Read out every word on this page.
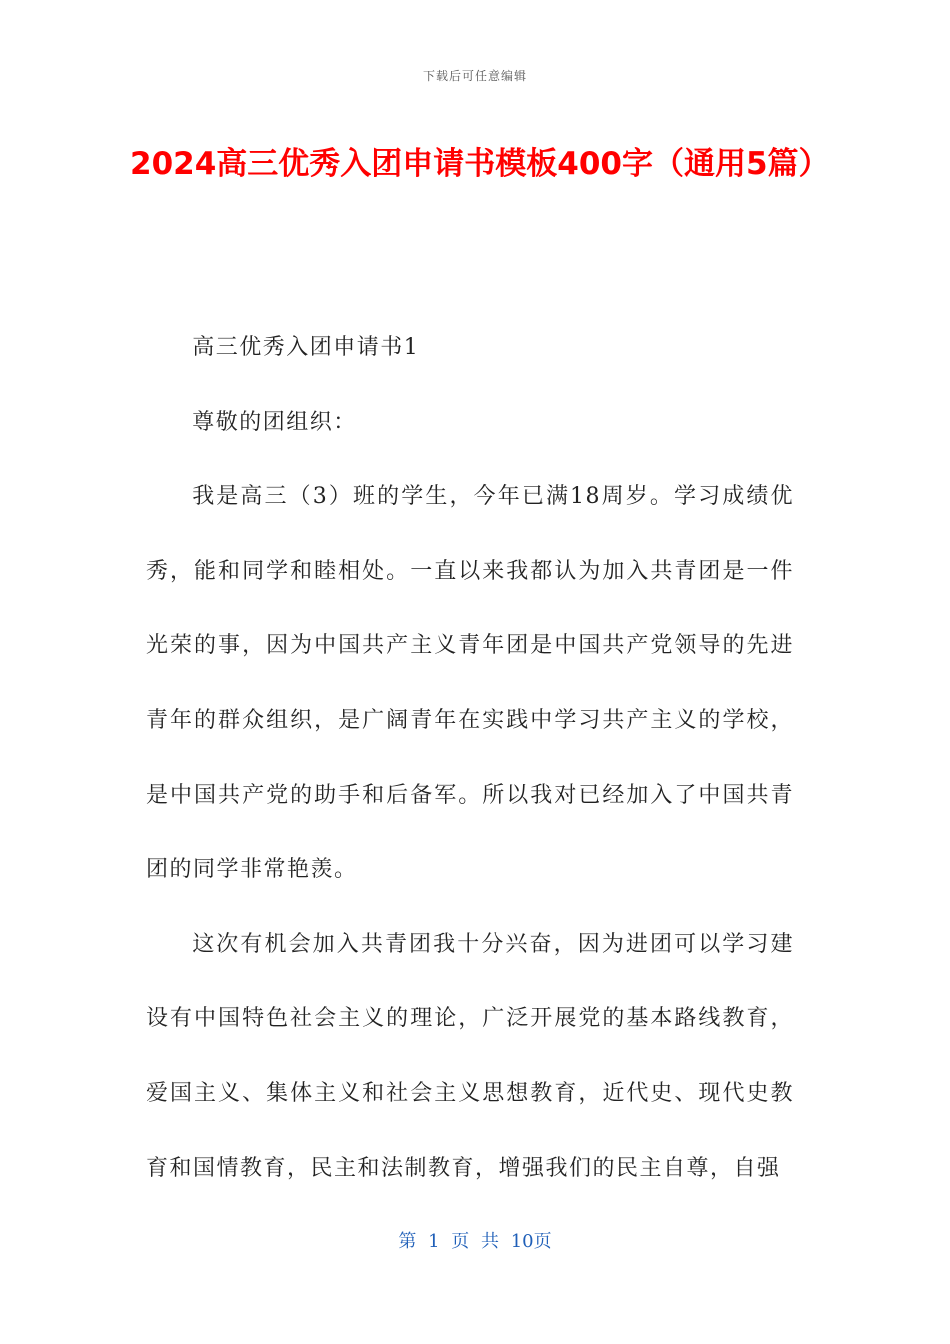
下载后可任意编辑
2024高三优秀入团申请书模板400字（通用5篇）

高三优秀入团申请书1

尊敬的团组织：

我是高三（3）班的学生，今年已满18周岁。学习成绩优秀，能和同学和睦相处。一直以来我都认为加入共青团是一件光荣的事，因为中国共产主义青年团是中国共产党领导的先进青年的群众组织，是广阔青年在实践中学习共产主义的学校，是中国共产党的助手和后备军。所以我对已经加入了中国共青团的同学非常艳羡。

这次有机会加入共青团我十分兴奋，因为进团可以学习建设有中国特色社会主义的理论，广泛开展党的基本路线教育，爱国主义、集体主义和社会主义思想教育，近代史、现代史教育和国情教育，民主和法制教育，增强我们的民主自尊，自强

第 1 页 共 10页
